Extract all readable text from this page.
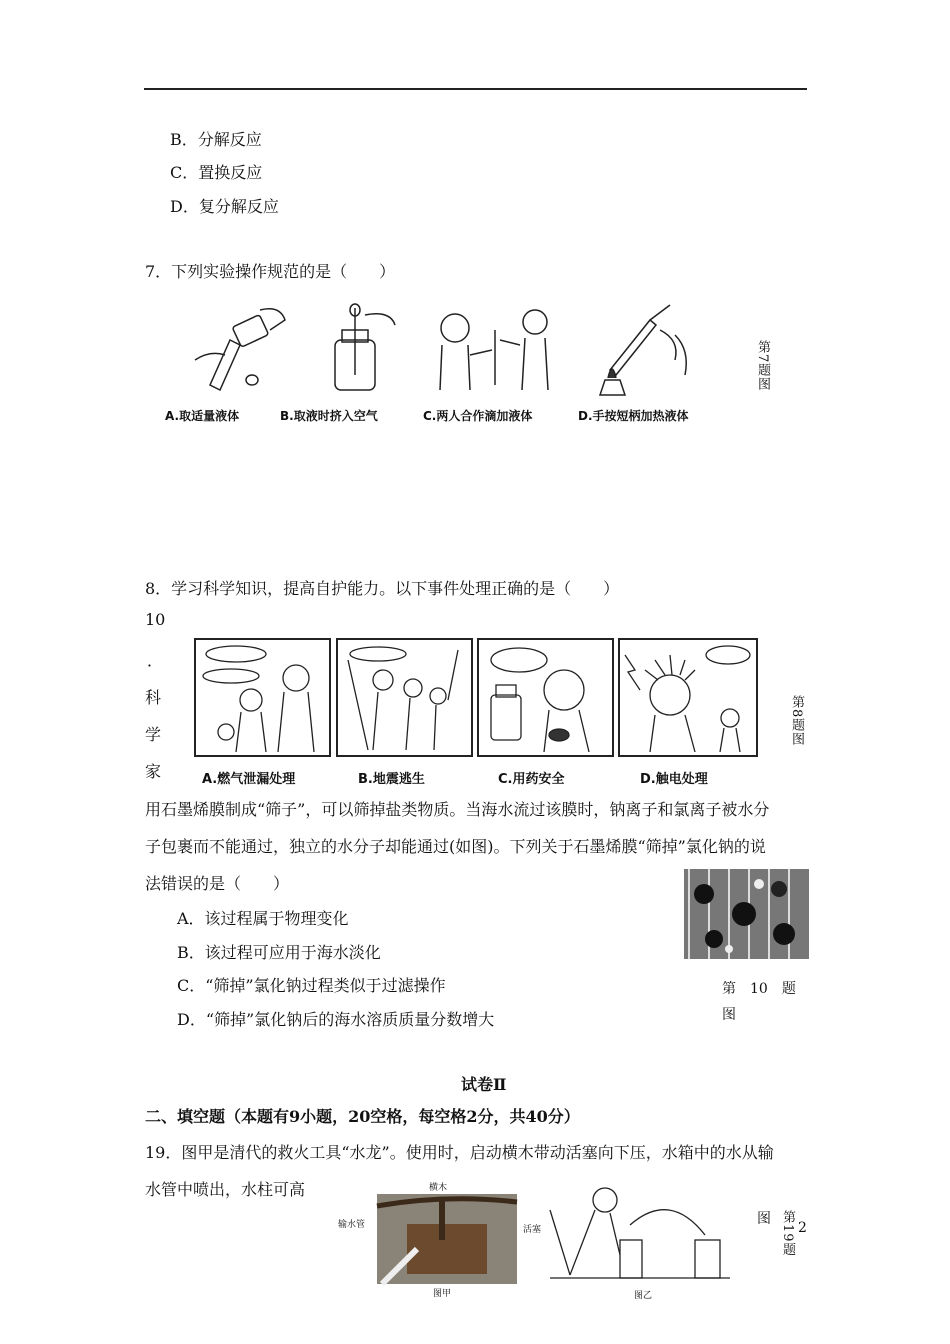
B．分解反应
C．置换反应
D．复分解反应
7．下列实验操作规范的是（　　）
A.取适量液体	B.取液时挤入空气	C.两人合作滴加液体	D.手按短柄加热液体
第7题图
8．学习科学知识，提高自护能力。以下事件处理正确的是（　　）
10
．
科
学
家	A.燃气泄漏处理	B.地震逃生	C.用药安全	D.触电处理
第8题图
用石墨烯膜制成“筛子”，可以筛掉盐类物质。当海水流过该膜时，钠离子和氯离子被水分
子包裹而不能通过，独立的水分子却能通过(如图)。下列关于石墨烯膜“筛掉”氯化钠的说
法错误的是（　　）
A．该过程属于物理变化
B．该过程可应用于海水淡化
C．“筛掉”氯化钠过程类似于过滤操作
D．“筛掉”氯化钠后的海水溶质质量分数增大
第　10　题
图
试卷Ⅱ
二、填空题（本题有9小题，20空格，每空格2分，共40分）
19．图甲是清代的救火工具“水龙”。使用时，启动横木带动活塞向下压，水箱中的水从输
水管中喷出，水柱可高	横木
输水管	活塞
图甲	图乙
图 第19题 2
